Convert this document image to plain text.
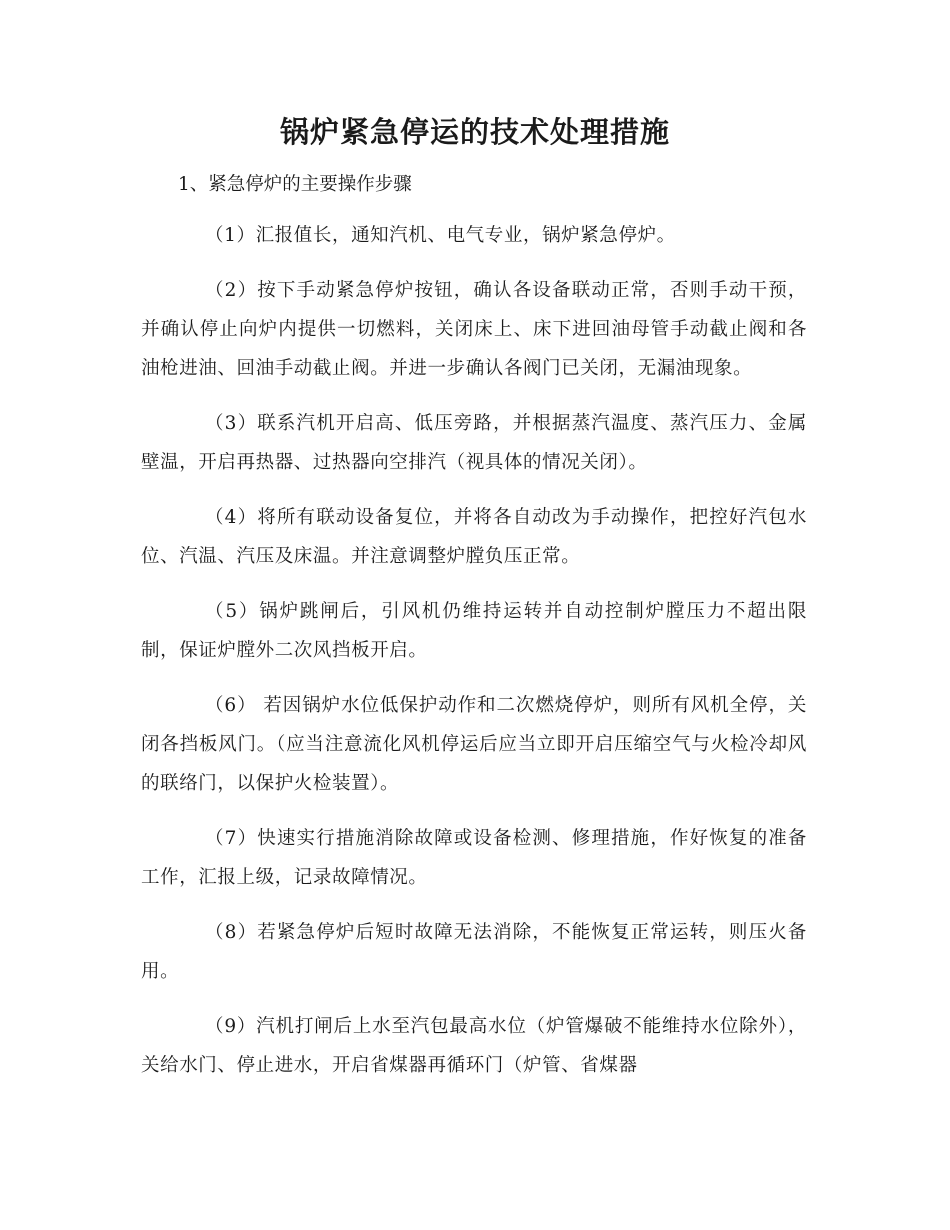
锅炉紧急停运的技术处理措施

1、紧急停炉的主要操作步骤

（1）汇报值长，通知汽机、电气专业，锅炉紧急停炉。

（2）按下手动紧急停炉按钮，确认各设备联动正常，否则手动干预，并确认停止向炉内提供一切燃料，关闭床上、床下进回油母管手动截止阀和各油枪进油、回油手动截止阀。并进一步确认各阀门已关闭，无漏油现象。

（3）联系汽机开启高、低压旁路，并根据蒸汽温度、蒸汽压力、金属壁温，开启再热器、过热器向空排汽（视具体的情况关闭）。

（4）将所有联动设备复位，并将各自动改为手动操作，把控好汽包水位、汽温、汽压及床温。并注意调整炉膛负压正常。

（5）锅炉跳闸后，引风机仍维持运转并自动控制炉膛压力不超出限制，保证炉膛外二次风挡板开启。

（6） 若因锅炉水位低保护动作和二次燃烧停炉，则所有风机全停，关闭各挡板风门。（应当注意流化风机停运后应当立即开启压缩空气与火检冷却风的联络门，以保护火检装置）。

（7）快速实行措施消除故障或设备检测、修理措施，作好恢复的准备工作，汇报上级，记录故障情况。

（8）若紧急停炉后短时故障无法消除，不能恢复正常运转，则压火备用。

（9）汽机打闸后上水至汽包最高水位（炉管爆破不能维持水位除外），关给水门、停止进水，开启省煤器再循环门（炉管、省煤器
